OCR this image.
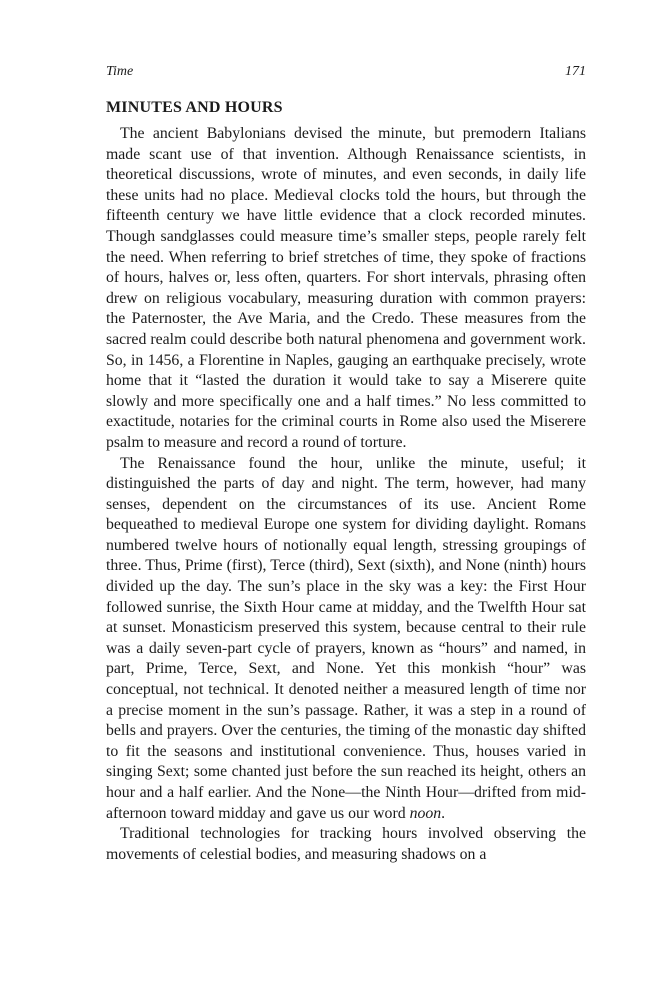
Time	171
MINUTES AND HOURS

The ancient Babylonians devised the minute, but premodern Italians made scant use of that invention. Although Renaissance scientists, in theoretical discussions, wrote of minutes, and even seconds, in daily life these units had no place. Medieval clocks told the hours, but through the fifteenth century we have little evidence that a clock recorded minutes. Though sandglasses could measure time’s smaller steps, people rarely felt the need. When referring to brief stretches of time, they spoke of fractions of hours, halves or, less often, quarters. For short intervals, phrasing often drew on religious vocabulary, measuring duration with common prayers: the Paternoster, the Ave Maria, and the Credo. These measures from the sacred realm could describe both natural phenomena and government work. So, in 1456, a Florentine in Naples, gauging an earthquake precisely, wrote home that it “lasted the duration it would take to say a Miserere quite slowly and more specifically one and a half times.” No less committed to exactitude, notaries for the criminal courts in Rome also used the Miserere psalm to measure and record a round of torture.

The Renaissance found the hour, unlike the minute, useful; it distinguished the parts of day and night. The term, however, had many senses, dependent on the circumstances of its use. Ancient Rome bequeathed to medieval Europe one system for dividing daylight. Romans numbered twelve hours of notionally equal length, stressing groupings of three. Thus, Prime (first), Terce (third), Sext (sixth), and None (ninth) hours divided up the day. The sun’s place in the sky was a key: the First Hour followed sunrise, the Sixth Hour came at midday, and the Twelfth Hour sat at sunset. Monasticism preserved this system, because central to their rule was a daily seven-part cycle of prayers, known as “hours” and named, in part, Prime, Terce, Sext, and None. Yet this monkish “hour” was conceptual, not technical. It denoted neither a measured length of time nor a precise moment in the sun’s passage. Rather, it was a step in a round of bells and prayers. Over the centuries, the timing of the monastic day shifted to fit the seasons and institutional convenience. Thus, houses varied in singing Sext; some chanted just before the sun reached its height, others an hour and a half earlier. And the None—the Ninth Hour—drifted from mid-afternoon toward midday and gave us our word noon.

Traditional technologies for tracking hours involved observing the movements of celestial bodies, and measuring shadows on a
